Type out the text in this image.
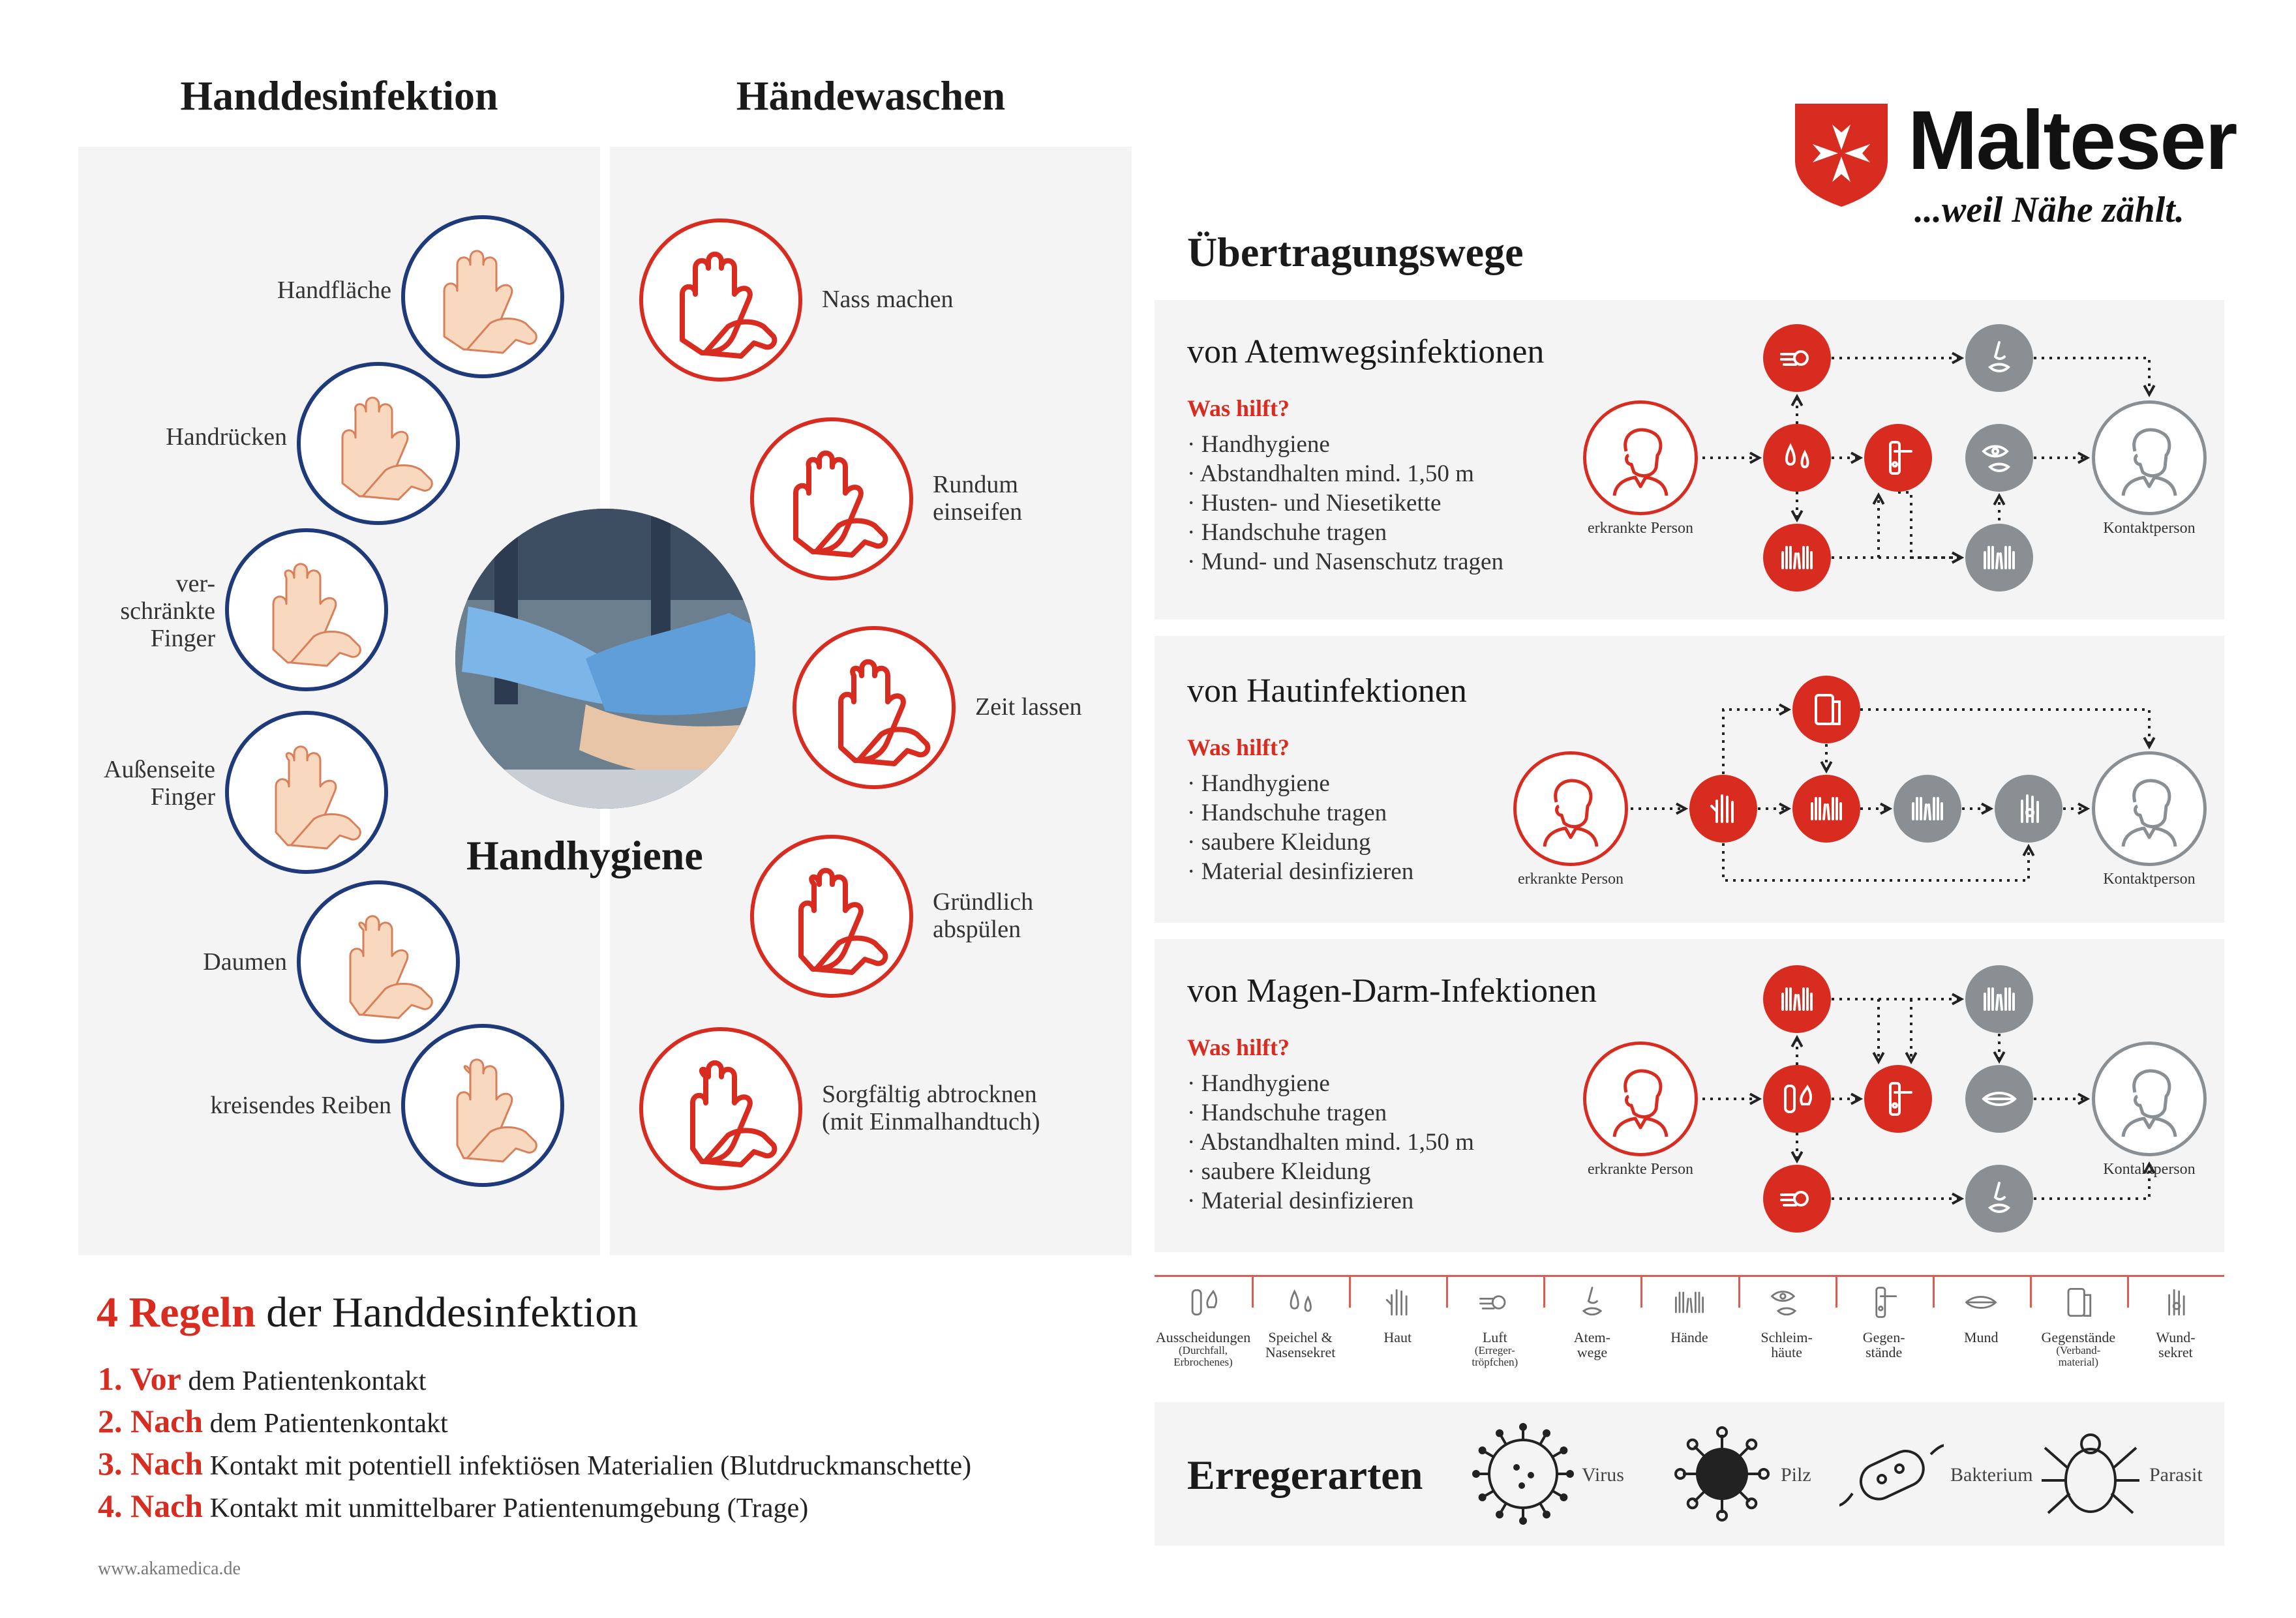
Handdesinfektion	Händewaschen
Handfläche
Handrücken
ver-
schränkte
Finger
Außenseite
Finger
Daumen
kreisendes Reiben
Nass machen
Rundum
einseifen
Zeit lassen
Gründlich
abspülen
Sorgfältig abtrocknen
(mit Einmalhandtuch)
Handhygiene
4 Regeln der Handdesinfektion
1. Vor dem Patientenkontakt
2. Nach dem Patientenkontakt
3. Nach Kontakt mit potentiell infektiösen Materialien (Blutdruckmanschette)
4. Nach Kontakt mit unmittelbarer Patientenumgebung (Trage)
www.akamedica.de
Malteser
...weil Nähe zählt.
Übertragungswege
von Atemwegsinfektionen
Was hilft?
· Handhygiene
· Abstandhalten mind. 1,50 m
· Husten- und Niesetikette
· Handschuhe tragen
· Mund- und Nasenschutz tragen
von Hautinfektionen
Was hilft?
· Handhygiene
· Handschuhe tragen
· saubere Kleidung
· Material desinfizieren
von Magen-Darm-Infektionen
Was hilft?
· Handhygiene
· Handschuhe tragen
· Abstandhalten mind. 1,50 m
· saubere Kleidung
· Material desinfizieren
erkrankte Person	Kontaktperson
erkrankte Person	Kontaktperson
erkrankte Person	Kontaktperson
Ausscheidungen
(Durchfall,
Erbrochenes)
Speichel &
Nasensekret
Haut	Luft
(Erreger-
tröpfchen)
Atem-
wege
Hände	Schleim-
häute
Gegen-
stände
Mund	Gegenstände
(Verband-
material)
Wund-
sekret
Erregerarten	Virus	Pilz	Bakterium	Parasit
